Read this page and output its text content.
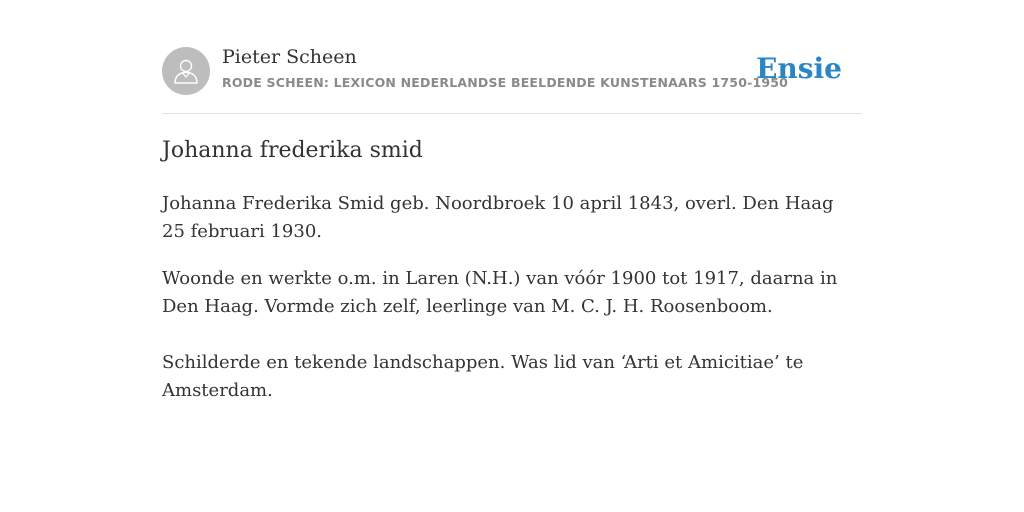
Pieter Scheen
RODE SCHEEN: LEXICON NEDERLANDSE BEELDENDE KUNSTENAARS 1750-1950
Ensie
Johanna frederika smid

Johanna Frederika Smid geb. Noordbroek 10 april 1843, overl. Den Haag 25 februari 1930.

Woonde en werkte o.m. in Laren (N.H.) van vóór 1900 tot 1917, daarna in Den Haag. Vormde zich zelf, leerlinge van M. C. J. H. Roosenboom.

Schilderde en tekende landschappen. Was lid van ‘Arti et Amicitiae’ te Amsterdam.
